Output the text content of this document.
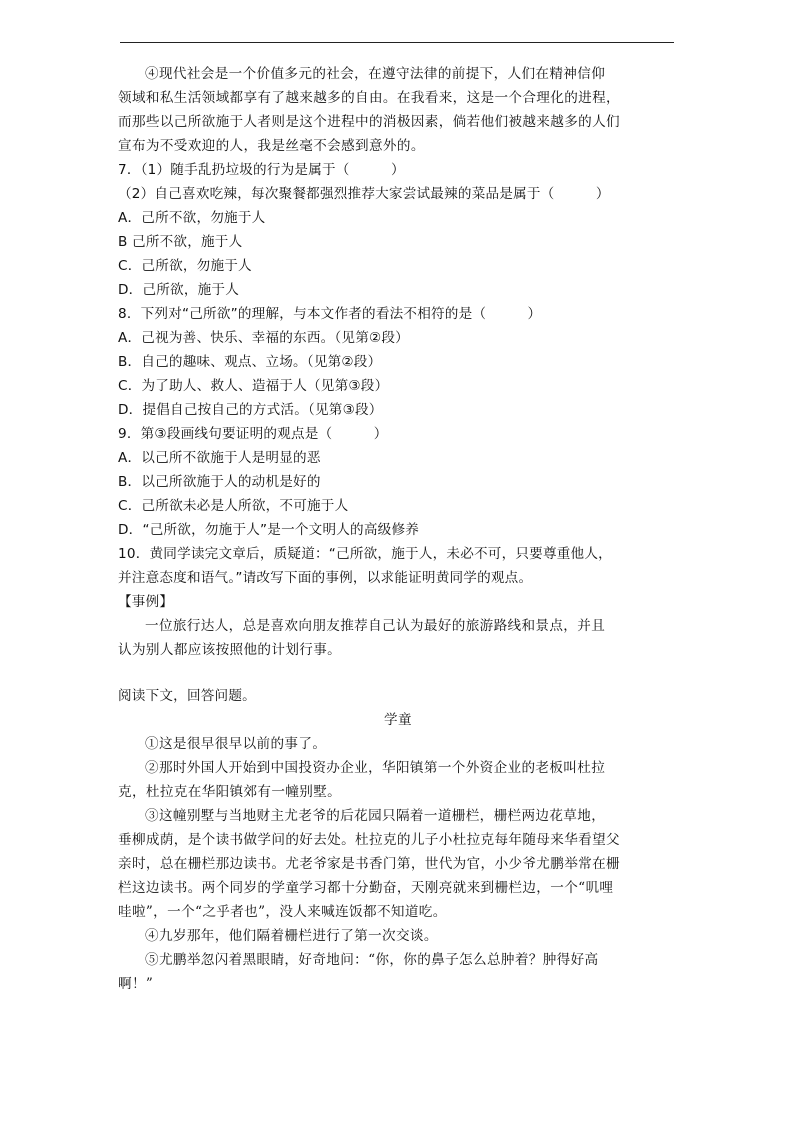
④现代社会是一个价值多元的社会，在遵守法律的前提下，人们在精神信仰
领域和私生活领域都享有了越来越多的自由。在我看来，这是一个合理化的进程，
而那些以己所欲施于人者则是这个进程中的消极因素，倘若他们被越来越多的人们
宣布为不受欢迎的人，我是丝毫不会感到意外的。
7．（1）随手乱扔垃圾的行为是属于（　　　）
（2）自己喜欢吃辣，每次聚餐都强烈推荐大家尝试最辣的菜品是属于（　　　）
A．己所不欲，勿施于人
B 己所不欲，施于人
C．己所欲，勿施于人
D．己所欲，施于人
8．下列对“己所欲”的理解，与本文作者的看法不相符的是（　　　）
A．己视为善、快乐、幸福的东西。（见第②段）
B．自己的趣味、观点、立场。（见第②段）
C．为了助人、救人、造福于人（见第③段）
D．提倡自己按自己的方式活。（见第③段）
9．第③段画线句要证明的观点是（　　　）
A．以己所不欲施于人是明显的恶
B．以己所欲施于人的动机是好的
C．己所欲未必是人所欲，不可施于人
D．“己所欲，勿施于人”是一个文明人的高级修养
10．黄同学读完文章后，质疑道：“己所欲，施于人，未必不可，只要尊重他人，
并注意态度和语气。”请改写下面的事例，以求能证明黄同学的观点。
【事例】
一位旅行达人，总是喜欢向朋友推荐自己认为最好的旅游路线和景点，并且
认为别人都应该按照他的计划行事。
阅读下文，回答问题。
学童
①这是很早很早以前的事了。
②那时外国人开始到中国投资办企业，华阳镇第一个外资企业的老板叫杜拉
克，杜拉克在华阳镇郊有一幢别墅。
③这幢别墅与当地财主尤老爷的后花园只隔着一道栅栏，栅栏两边花草地，
垂柳成荫，是个读书做学问的好去处。杜拉克的儿子小杜拉克每年随母来华看望父
亲时，总在栅栏那边读书。尤老爷家是书香门第，世代为官，小少爷尤鹏举常在栅
栏这边读书。两个同岁的学童学习都十分勤奋，天刚亮就来到栅栏边，一个“叽哩
哇啦”，一个“之乎者也”，没人来喊连饭都不知道吃。
④九岁那年，他们隔着栅栏进行了第一次交谈。
⑤尤鹏举忽闪着黑眼睛，好奇地问：“你，你的鼻子怎么总肿着？肿得好高
啊！”
